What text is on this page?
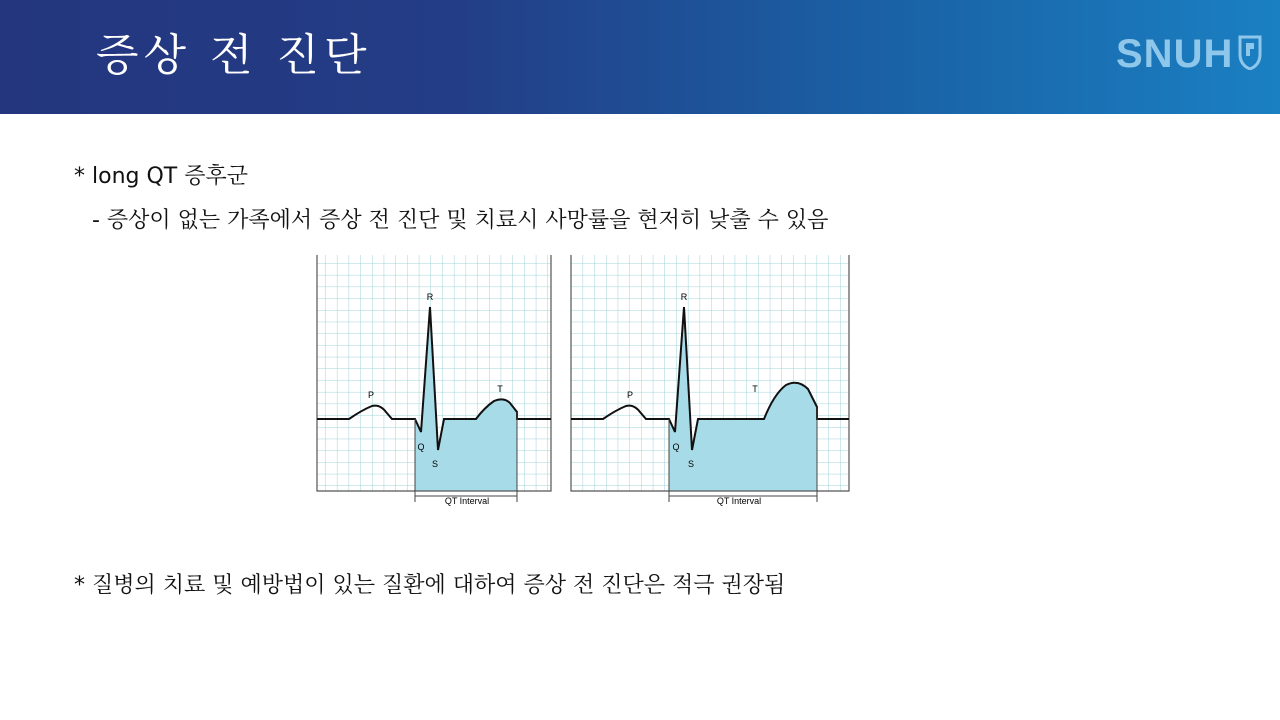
증상 전 진단	SNUH
* long QT 증후군
- 증상이 없는 가족에서 증상 전 진단 및 치료시 사망률을 현저히 낮출 수 있음
P
R
T
Q
S
QT Interval
P
R
T
Q
S
QT Interval
* 질병의 치료 및 예방법이 있는 질환에 대하여 증상 전 진단은 적극 권장됨
